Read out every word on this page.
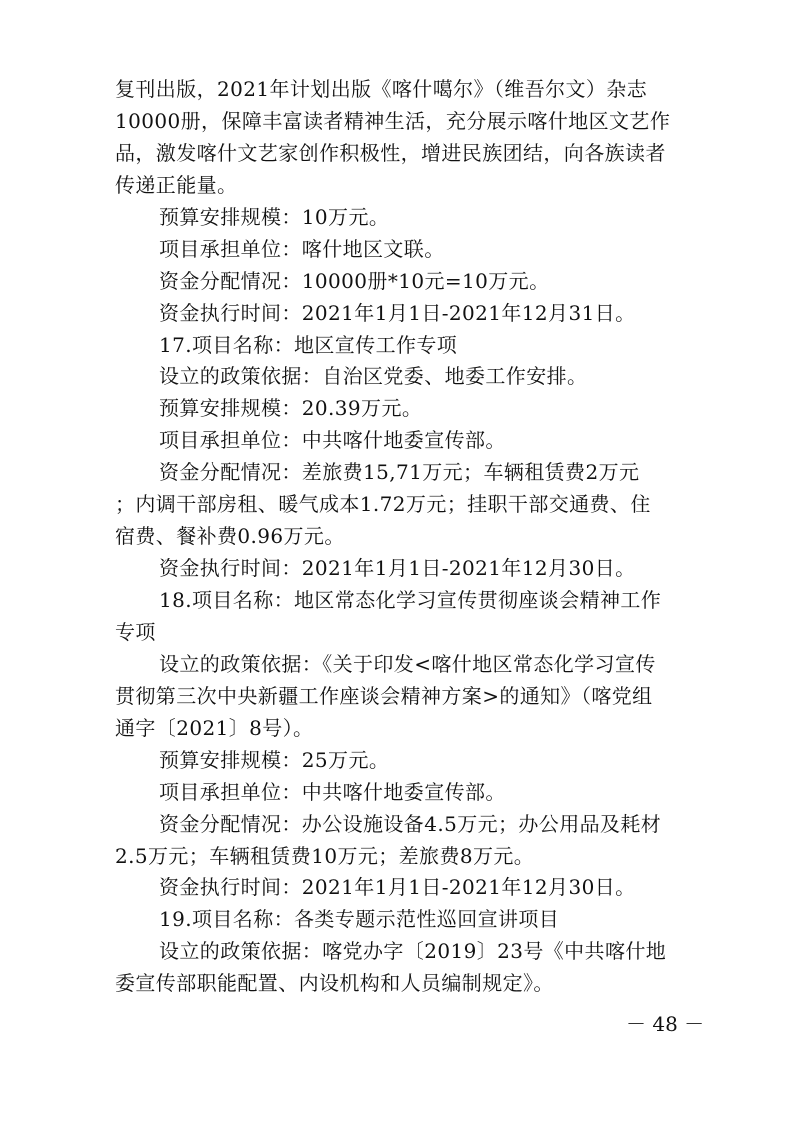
复刊出版，2021年计划出版《喀什噶尔》（维吾尔文）杂志
10000册，保障丰富读者精神生活，充分展示喀什地区文艺作
品，激发喀什文艺家创作积极性，增进民族团结，向各族读者
传递正能量。
预算安排规模：10万元。
项目承担单位：喀什地区文联。
资金分配情况：10000册*10元=10万元。
资金执行时间：2021年1月1日-2021年12月31日。
17.项目名称：地区宣传工作专项
设立的政策依据：自治区党委、地委工作安排。
预算安排规模：20.39万元。
项目承担单位：中共喀什地委宣传部。
资金分配情况：差旅费15,71万元；车辆租赁费2万元
；内调干部房租、暖气成本1.72万元；挂职干部交通费、住
宿费、餐补费0.96万元。
资金执行时间：2021年1月1日-2021年12月30日。
18.项目名称：地区常态化学习宣传贯彻座谈会精神工作
专项
设立的政策依据：《关于印发<喀什地区常态化学习宣传
贯彻第三次中央新疆工作座谈会精神方案>的通知》（喀党组
通字〔2021〕8号）。
预算安排规模：25万元。
项目承担单位：中共喀什地委宣传部。
资金分配情况：办公设施设备4.5万元；办公用品及耗材
2.5万元；车辆租赁费10万元；差旅费8万元。
资金执行时间：2021年1月1日-2021年12月30日。
19.项目名称：各类专题示范性巡回宣讲项目
设立的政策依据：喀党办字〔2019〕23号《中共喀什地
委宣传部职能配置、内设机构和人员编制规定》。
－ 48 －
